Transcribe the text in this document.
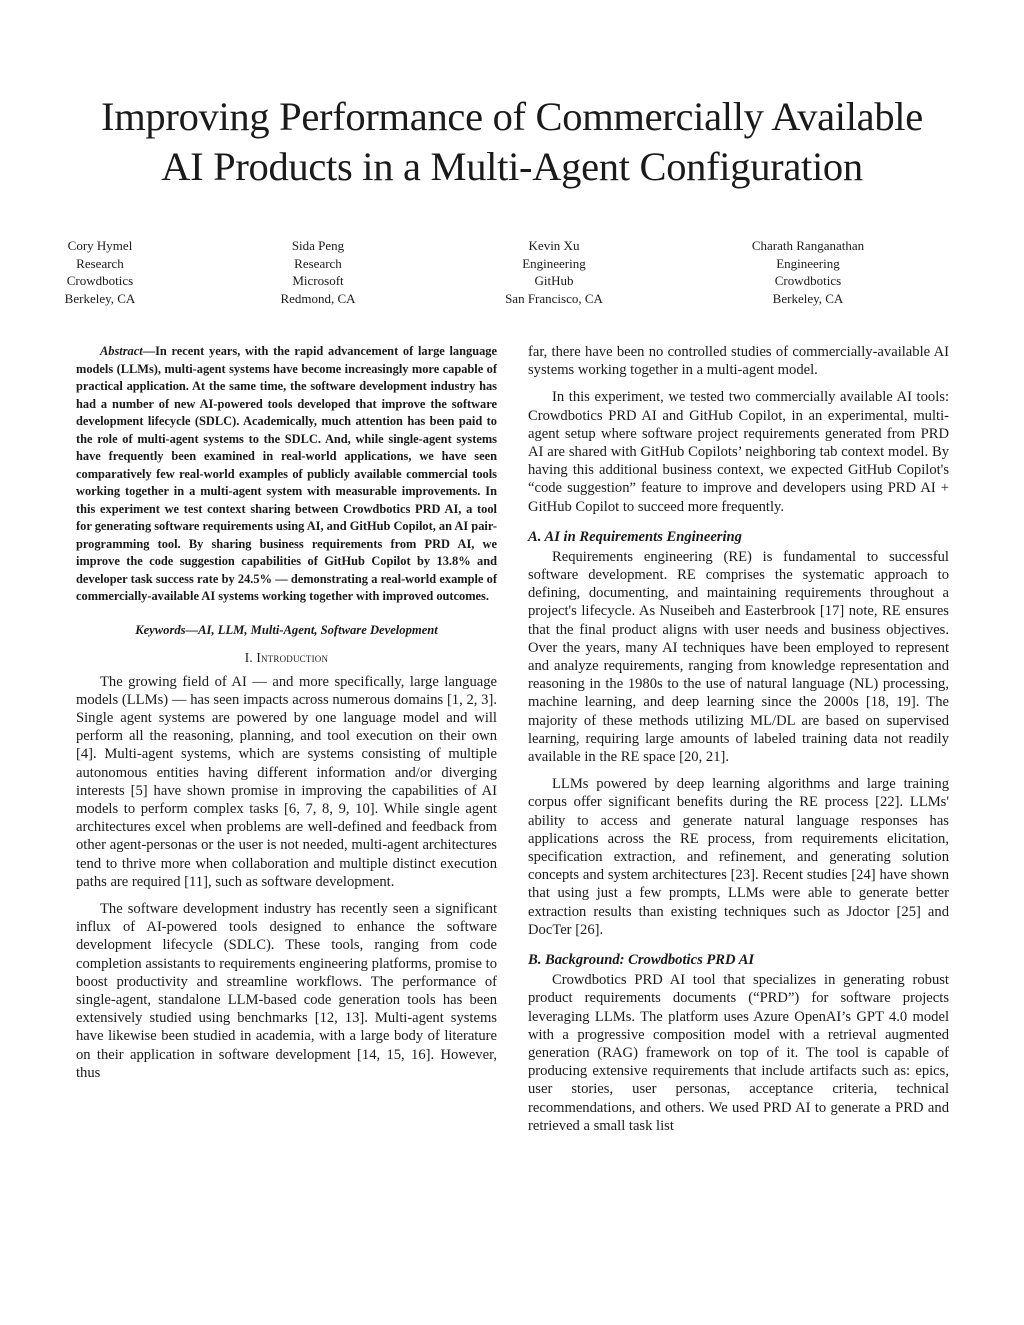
Improving Performance of Commercially Available
AI Products in a Multi-Agent Configuration
Cory Hymel
Research
Crowdbotics
Berkeley, CA
Sida Peng
Research
Microsoft
Redmond, CA
Kevin Xu
Engineering
GitHub
San Francisco, CA
Charath Ranganathan
Engineering
Crowdbotics
Berkeley, CA

Abstract—In recent years, with the rapid advancement of large language models (LLMs), multi-agent systems have become increasingly more capable of practical application. At the same time, the software development industry has had a number of new AI-powered tools developed that improve the software development lifecycle (SDLC). Academically, much attention has been paid to the role of multi-agent systems to the SDLC. And, while single-agent systems have frequently been examined in real-world applications, we have seen comparatively few real-world examples of publicly available commercial tools working together in a multi-agent system with measurable improvements. In this experiment we test context sharing between Crowdbotics PRD AI, a tool for generating software requirements using AI, and GitHub Copilot, an AI pair-programming tool. By sharing business requirements from PRD AI, we improve the code suggestion capabilities of GitHub Copilot by 13.8% and developer task success rate by 24.5% — demonstrating a real-world example of commercially-available AI systems working together with improved outcomes.

Keywords—AI, LLM, Multi-Agent, Software Development
I. Introduction

The growing field of AI — and more specifically, large language models (LLMs) — has seen impacts across numerous domains [1, 2, 3]. Single agent systems are powered by one language model and will perform all the reasoning, planning, and tool execution on their own [4]. Multi-agent systems, which are systems consisting of multiple autonomous entities having different information and/or diverging interests [5] have shown promise in improving the capabilities of AI models to perform complex tasks [6, 7, 8, 9, 10]. While single agent architectures excel when problems are well-defined and feedback from other agent-personas or the user is not needed, multi-agent architectures tend to thrive more when collaboration and multiple distinct execution paths are required [11], such as software development.

The software development industry has recently seen a significant influx of AI-powered tools designed to enhance the software development lifecycle (SDLC). These tools, ranging from code completion assistants to requirements engineering platforms, promise to boost productivity and streamline workflows. The performance of single-agent, standalone LLM-based code generation tools has been extensively studied using benchmarks [12, 13]. Multi-agent systems have likewise been studied in academia, with a large body of literature on their application in software development [14, 15, 16]. However, thus

far, there have been no controlled studies of commercially-available AI systems working together in a multi-agent model.

In this experiment, we tested two commercially available AI tools: Crowdbotics PRD AI and GitHub Copilot, in an experimental, multi-agent setup where software project requirements generated from PRD AI are shared with GitHub Copilots’ neighboring tab context model. By having this additional business context, we expected GitHub Copilot's “code suggestion” feature to improve and developers using PRD AI + GitHub Copilot to succeed more frequently.

A. AI in Requirements Engineering

Requirements engineering (RE) is fundamental to successful software development. RE comprises the systematic approach to defining, documenting, and maintaining requirements throughout a project's lifecycle. As Nuseibeh and Easterbrook [17] note, RE ensures that the final product aligns with user needs and business objectives. Over the years, many AI techniques have been employed to represent and analyze requirements, ranging from knowledge representation and reasoning in the 1980s to the use of natural language (NL) processing, machine learning, and deep learning since the 2000s [18, 19]. The majority of these methods utilizing ML/DL are based on supervised learning, requiring large amounts of labeled training data not readily available in the RE space [20, 21].

LLMs powered by deep learning algorithms and large training corpus offer significant benefits during the RE process [22]. LLMs' ability to access and generate natural language responses has applications across the RE process, from requirements elicitation, specification extraction, and refinement, and generating solution concepts and system architectures [23]. Recent studies [24] have shown that using just a few prompts, LLMs were able to generate better extraction results than existing techniques such as Jdoctor [25] and DocTer [26].

B. Background: Crowdbotics PRD AI

Crowdbotics PRD AI tool that specializes in generating robust product requirements documents (“PRD”) for software projects leveraging LLMs. The platform uses Azure OpenAI’s GPT 4.0 model with a progressive composition model with a retrieval augmented generation (RAG) framework on top of it. The tool is capable of producing extensive requirements that include artifacts such as: epics, user stories, user personas, acceptance criteria, technical recommendations, and others. We used PRD AI to generate a PRD and retrieved a small task list
